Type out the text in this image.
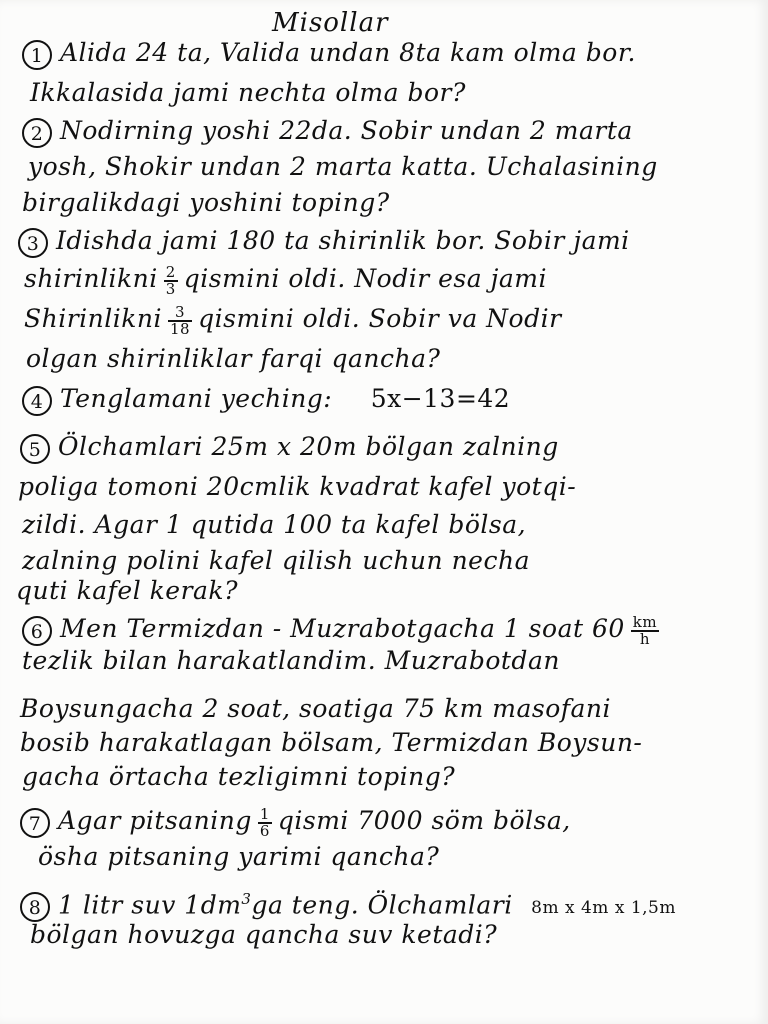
Misollar
1 Alida 24 ta, Valida undan 8ta kam olma bor.
Ikkalasida jami nechta olma bor?
2 Nodirning yoshi 22da. Sobir undan 2 marta
yosh, Shokir undan 2 marta katta. Uchalasining
birgalikdagi yoshini toping?
3 Idishda jami 180 ta shirinlik bor. Sobir jami
shirinlikni $\frac{2}{3}$ qismini oldi. Nodir esa jami
Shirinlikni $\frac{3}{18}$ qismini oldi. Sobir va Nodir
olgan shirinliklar farqi qancha?
4 Tenglamani yeching: 5x−13=42
5 Ölchamlari 25m x 20m bölgan zalning
poliga tomoni 20cmlik kvadrat kafel yotqi-
zildi. Agar 1 qutida 100 ta kafel bölsa,
zalning polini kafel qilish uchun necha
quti kafel kerak?
6 Men Termizdan - Muzrabotgacha 1 soat $60 \frac{km}{h}$
tezlik bilan harakatlandim. Muzrabotdan
Boysungacha 2 soat, soatiga 75 km masofani
bosib harakatlagan bölsam, Termizdan Boysun-
gacha örtacha tezligimni toping?
7 Agar pitsaning $\frac{1}{6}$ qismi 7000 söm bölsa,
ösha pitsaning yarimi qancha?
8 1 litr suv $1dm^3ga$ teng. Ölchamlari 8m x 4m x 1,5m
bölgan hovuzga qancha suv ketadi?
